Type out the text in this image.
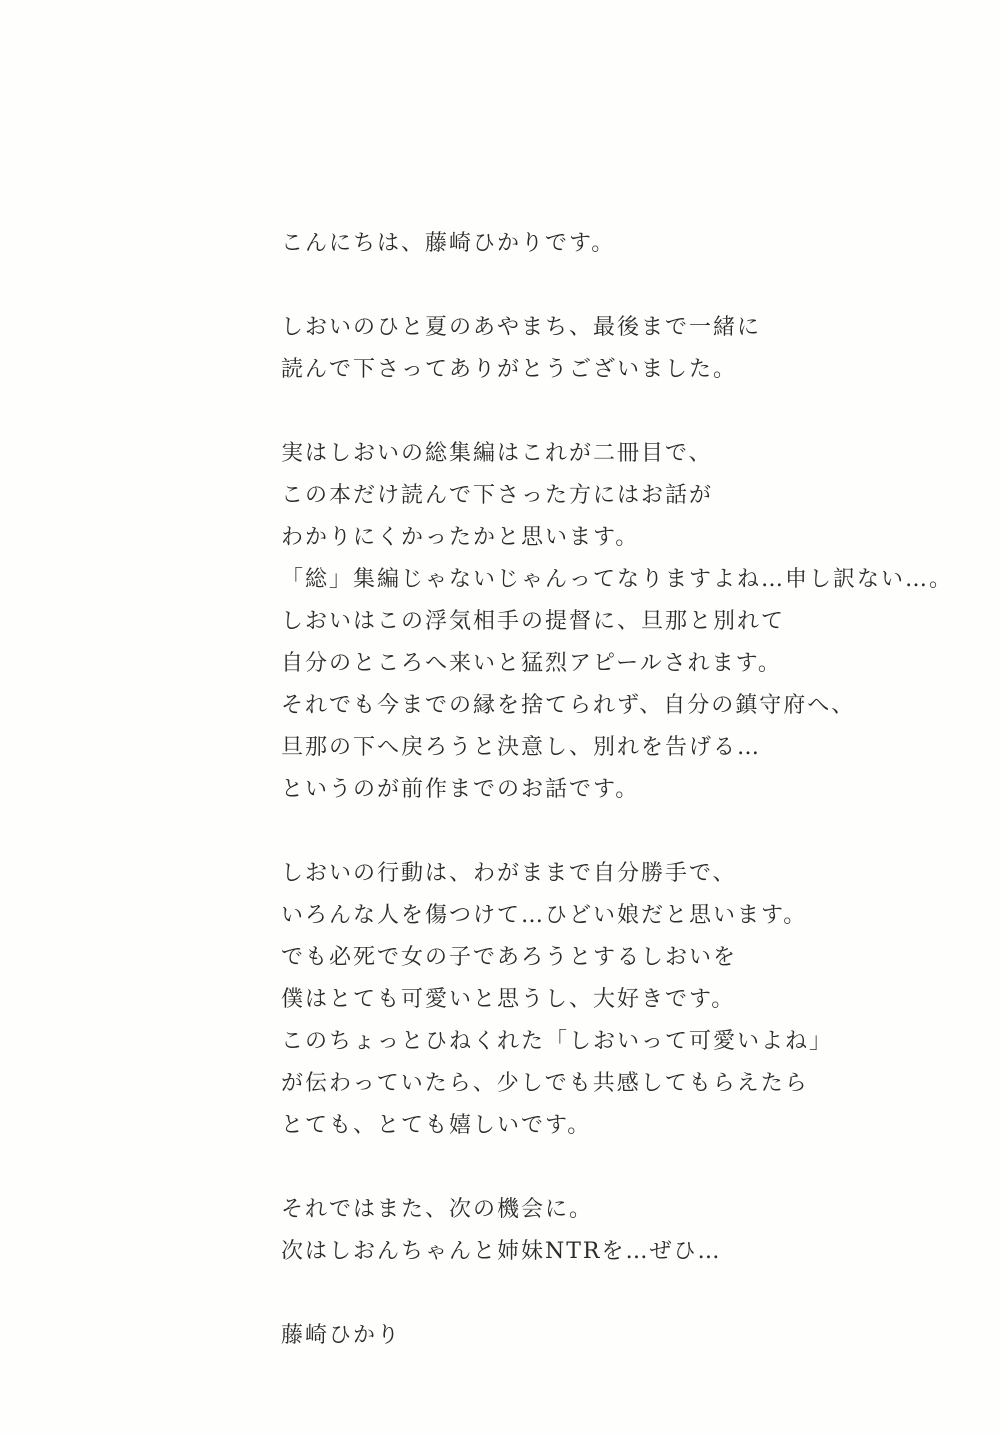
こんにちは、藤崎ひかりです。

しおいのひと夏のあやまち、最後まで一緒に
読んで下さってありがとうございました。

実はしおいの総集編はこれが二冊目で、
この本だけ読んで下さった方にはお話が
わかりにくかったかと思います。
「総」集編じゃないじゃんってなりますよね…申し訳ない…。
しおいはこの浮気相手の提督に、旦那と別れて
自分のところへ来いと猛烈アピールされます。
それでも今までの縁を捨てられず、自分の鎮守府へ、
旦那の下へ戻ろうと決意し、別れを告げる…
というのが前作までのお話です。

しおいの行動は、わがままで自分勝手で、
いろんな人を傷つけて…ひどい娘だと思います。
でも必死で女の子であろうとするしおいを
僕はとても可愛いと思うし、大好きです。
このちょっとひねくれた「しおいって可愛いよね」
が伝わっていたら、少しでも共感してもらえたら
とても、とても嬉しいです。

それではまた、次の機会に。
次はしおんちゃんと姉妹NTRを…ぜひ…

藤崎ひかり
